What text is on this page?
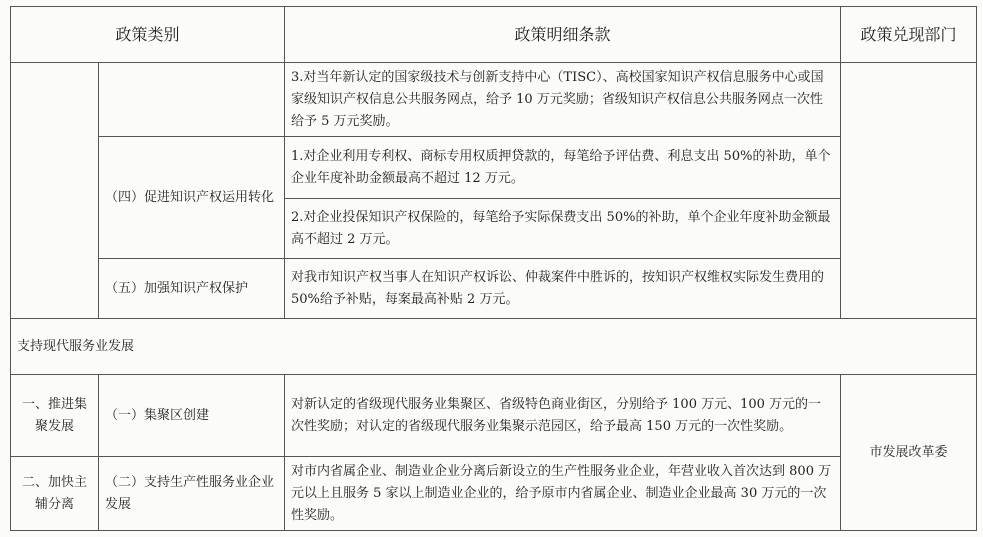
政策类别		政策明细条款	政策兑现部门
		3.对当年新认定的国家级技术与创新支持中心（TISC）、高校国家知识产权信息服务中心或国家级知识产权信息公共服务网点，给予 10 万元奖励；省级知识产权信息公共服务网点一次性给予 5 万元奖励。	
	（四）促进知识产权运用转化	1.对企业利用专利权、商标专用权质押贷款的，每笔给予评估费、利息支出 50%的补助，单个企业年度补助金额最高不超过 12 万元。	
		2.对企业投保知识产权保险的，每笔给予实际保费支出 50%的补助，单个企业年度补助金额最高不超过 2 万元。	
	（五）加强知识产权保护	对我市知识产权当事人在知识产权诉讼、仲裁案件中胜诉的，按知识产权维权实际发生费用的 50%给予补贴，每案最高补贴 2 万元。	
支持现代服务业发展			
一、推进集聚发展	（一）集聚区创建	对新认定的省级现代服务业集聚区、省级特色商业街区，分别给予 100 万元、100 万元的一次性奖励；对认定的省级现代服务业集聚示范园区，给予最高 150 万元的一次性奖励。	市发展改革委
二、加快主辅分离	（二）支持生产性服务业企业发展	对市内省属企业、制造业企业分离后新设立的生产性服务业企业，年营业收入首次达到 800 万元以上且服务 5 家以上制造业企业的，给予原市内省属企业、制造业企业最高 30 万元的一次性奖励。	
